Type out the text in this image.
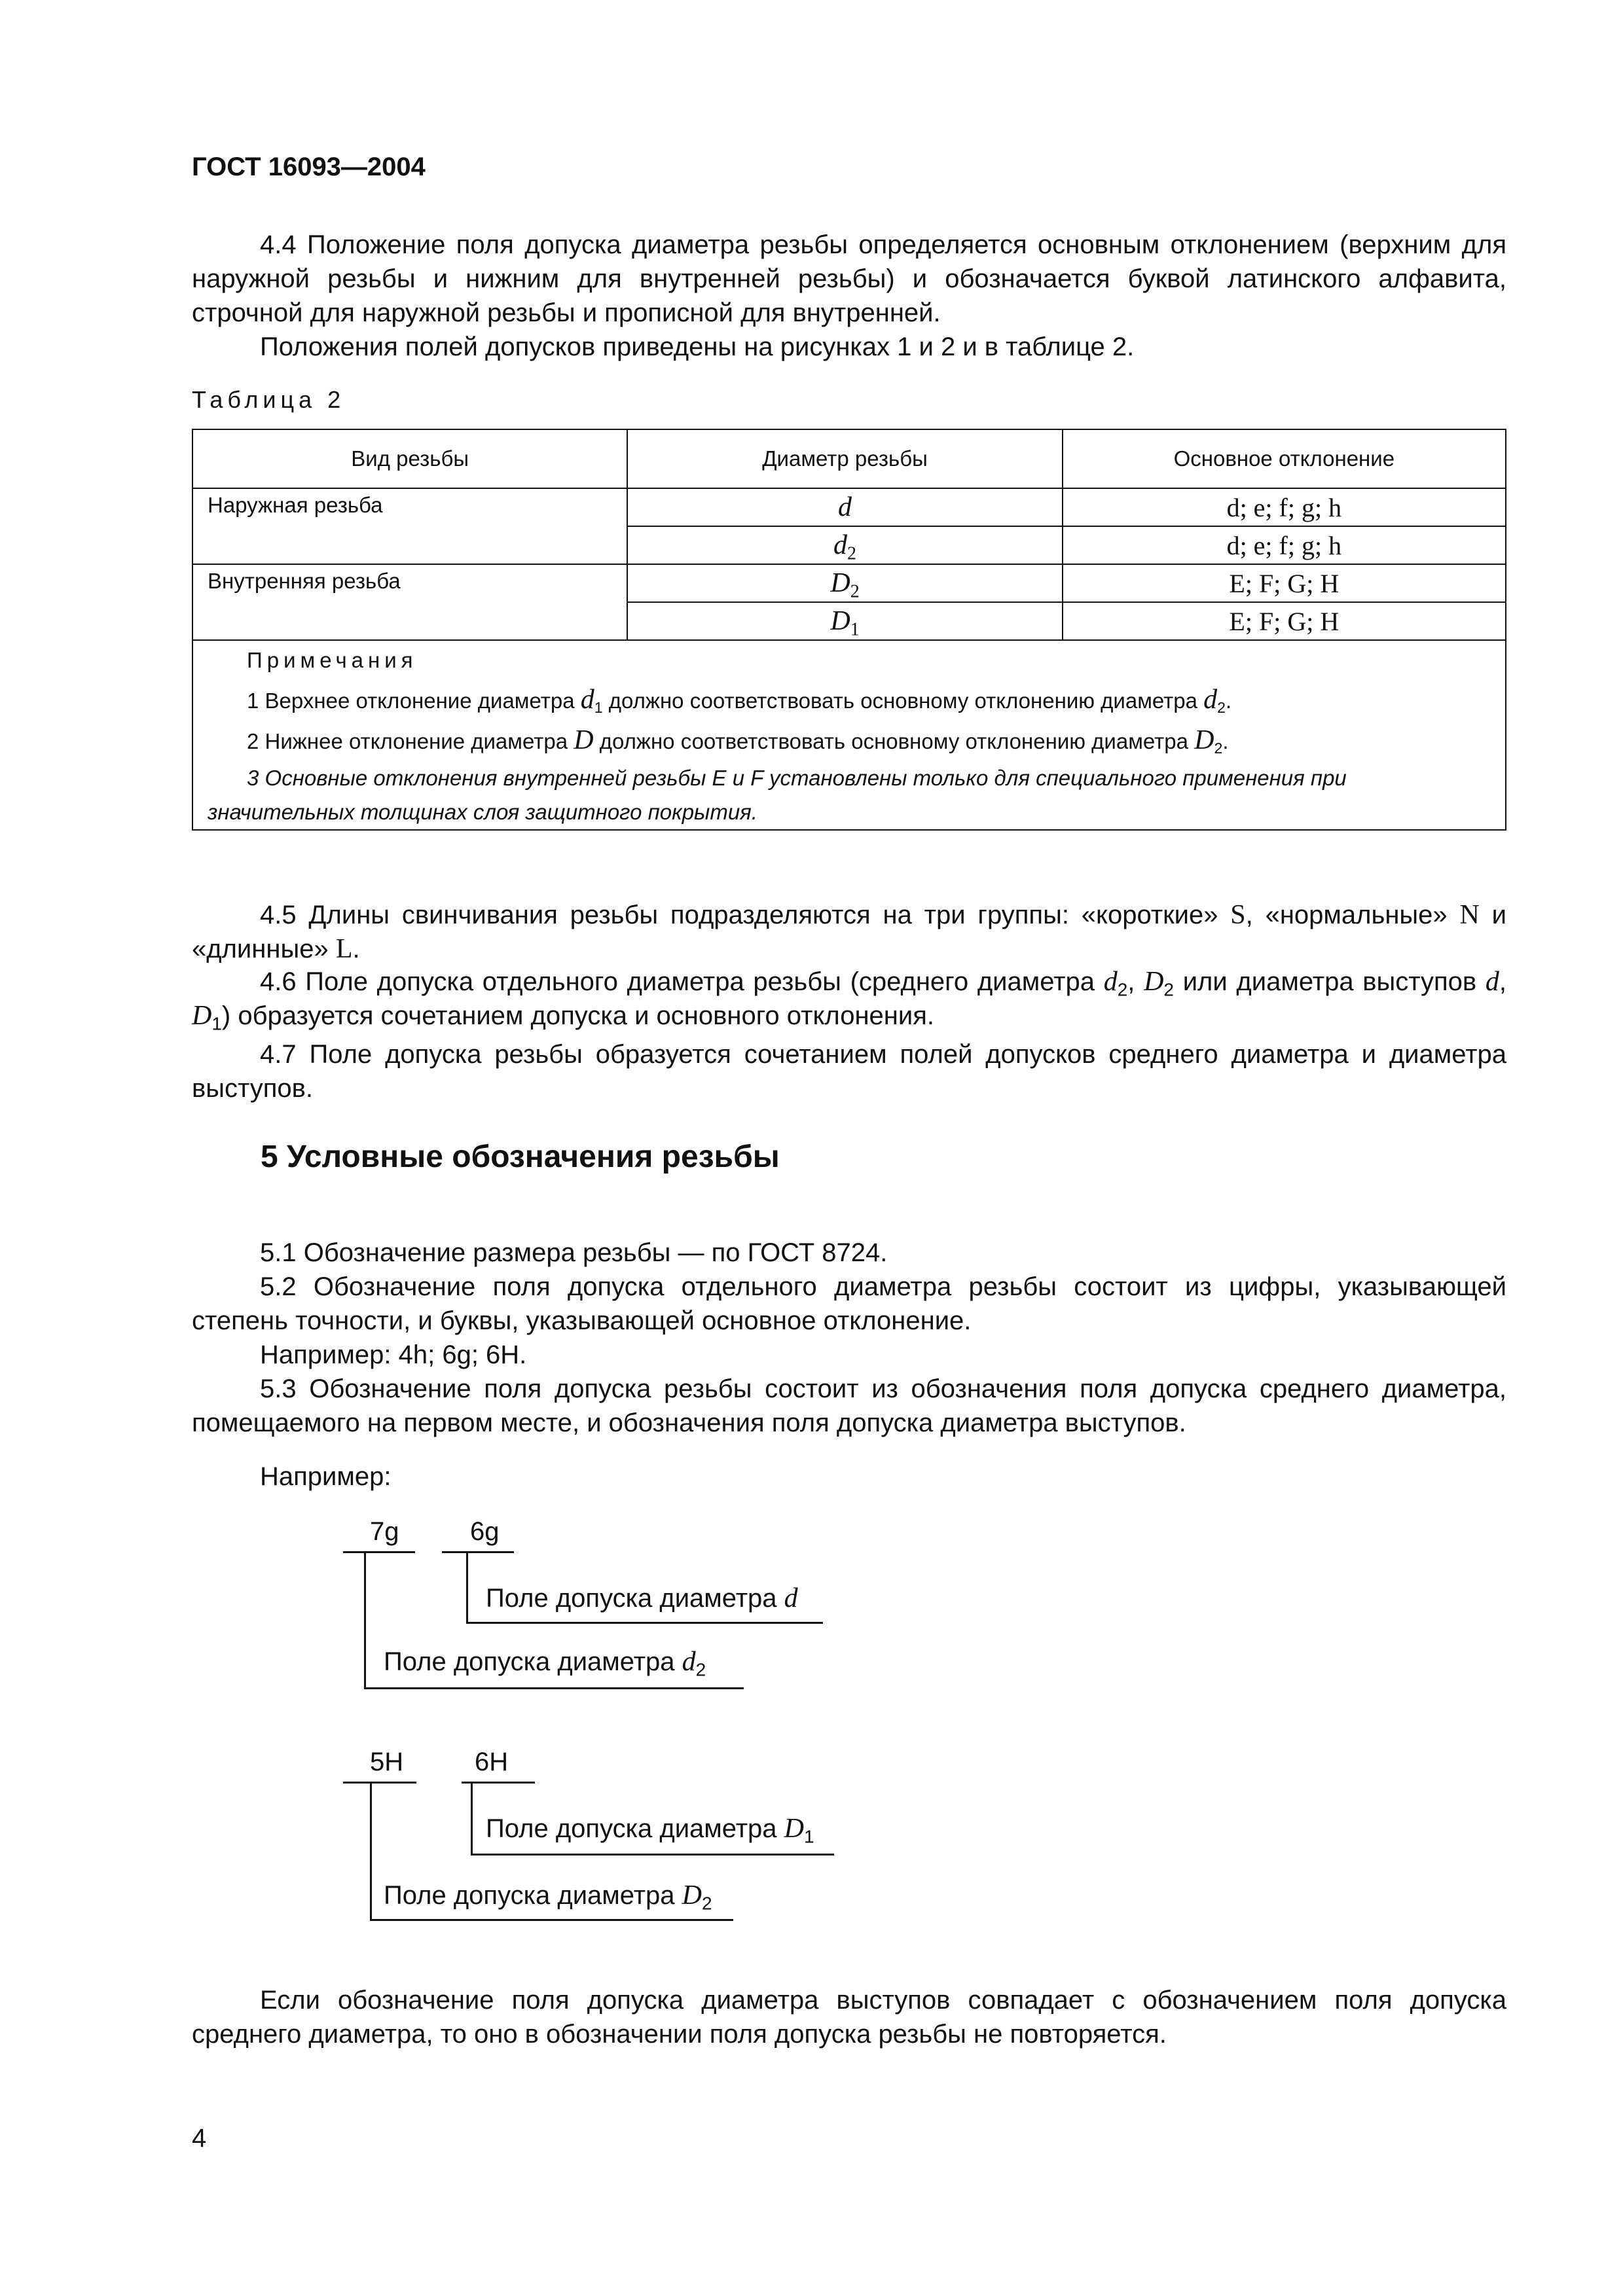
ГОСТ 16093—2004
4.4 Положение поля допуска диаметра резьбы определяется основным отклонением (верхним для наружной резьбы и нижним для внутренней резьбы) и обозначается буквой латинского алфавита, строчной для наружной резьбы и прописной для внутренней.
Положения полей допусков приведены на рисунках 1 и 2 и в таблице 2.
Таблица 2
Вид резьбы	Диаметр резьбы	Основное отклонение
Наружная резьба	d	d; e; f; g; h
	$d_2$	d; e; f; g; h
Внутренняя резьба	$D_2$	E; F; G; H
	$D_1$	E; F; G; H

Примечания
1 Верхнее отклонение диаметра $d_1$ должно соответствовать основному отклонению диаметра $d_2$.
2 Нижнее отклонение диаметра D должно соответствовать основному отклонению диаметра $D_2$.
3 Основные отклонения внутренней резьбы E и F установлены только для специального применения при значительных толщинах слоя защитного покрытия.		
4.5 Длины свинчивания резьбы подразделяются на три группы: «короткие» S, «нормальные» N и «длинные» L.
4.6 Поле допуска отдельного диаметра резьбы (среднего диаметра $d_2$, $D_2$ или диаметра выступов d, $D_1$) образуется сочетанием допуска и основного отклонения.
4.7 Поле допуска резьбы образуется сочетанием полей допусков среднего диаметра и диаметра выступов.
5 Условные обозначения резьбы
5.1 Обозначение размера резьбы — по ГОСТ 8724.
5.2 Обозначение поля допуска отдельного диаметра резьбы состоит из цифры, указывающей степень точности, и буквы, указывающей основное отклонение.
Например: 4h; 6g; 6H.
5.3 Обозначение поля допуска резьбы состоит из обозначения поля допуска среднего диаметра, помещаемого на первом месте, и обозначения поля допуска диаметра выступов.
Например:
7g	6g
Поле допуска диаметра d
Поле допуска диаметра $d_2$
5H	6H
Поле допуска диаметра $D_1$
Поле допуска диаметра $D_2$
Если обозначение поля допуска диаметра выступов совпадает с обозначением поля допуска среднего диаметра, то оно в обозначении поля допуска резьбы не повторяется.
4
